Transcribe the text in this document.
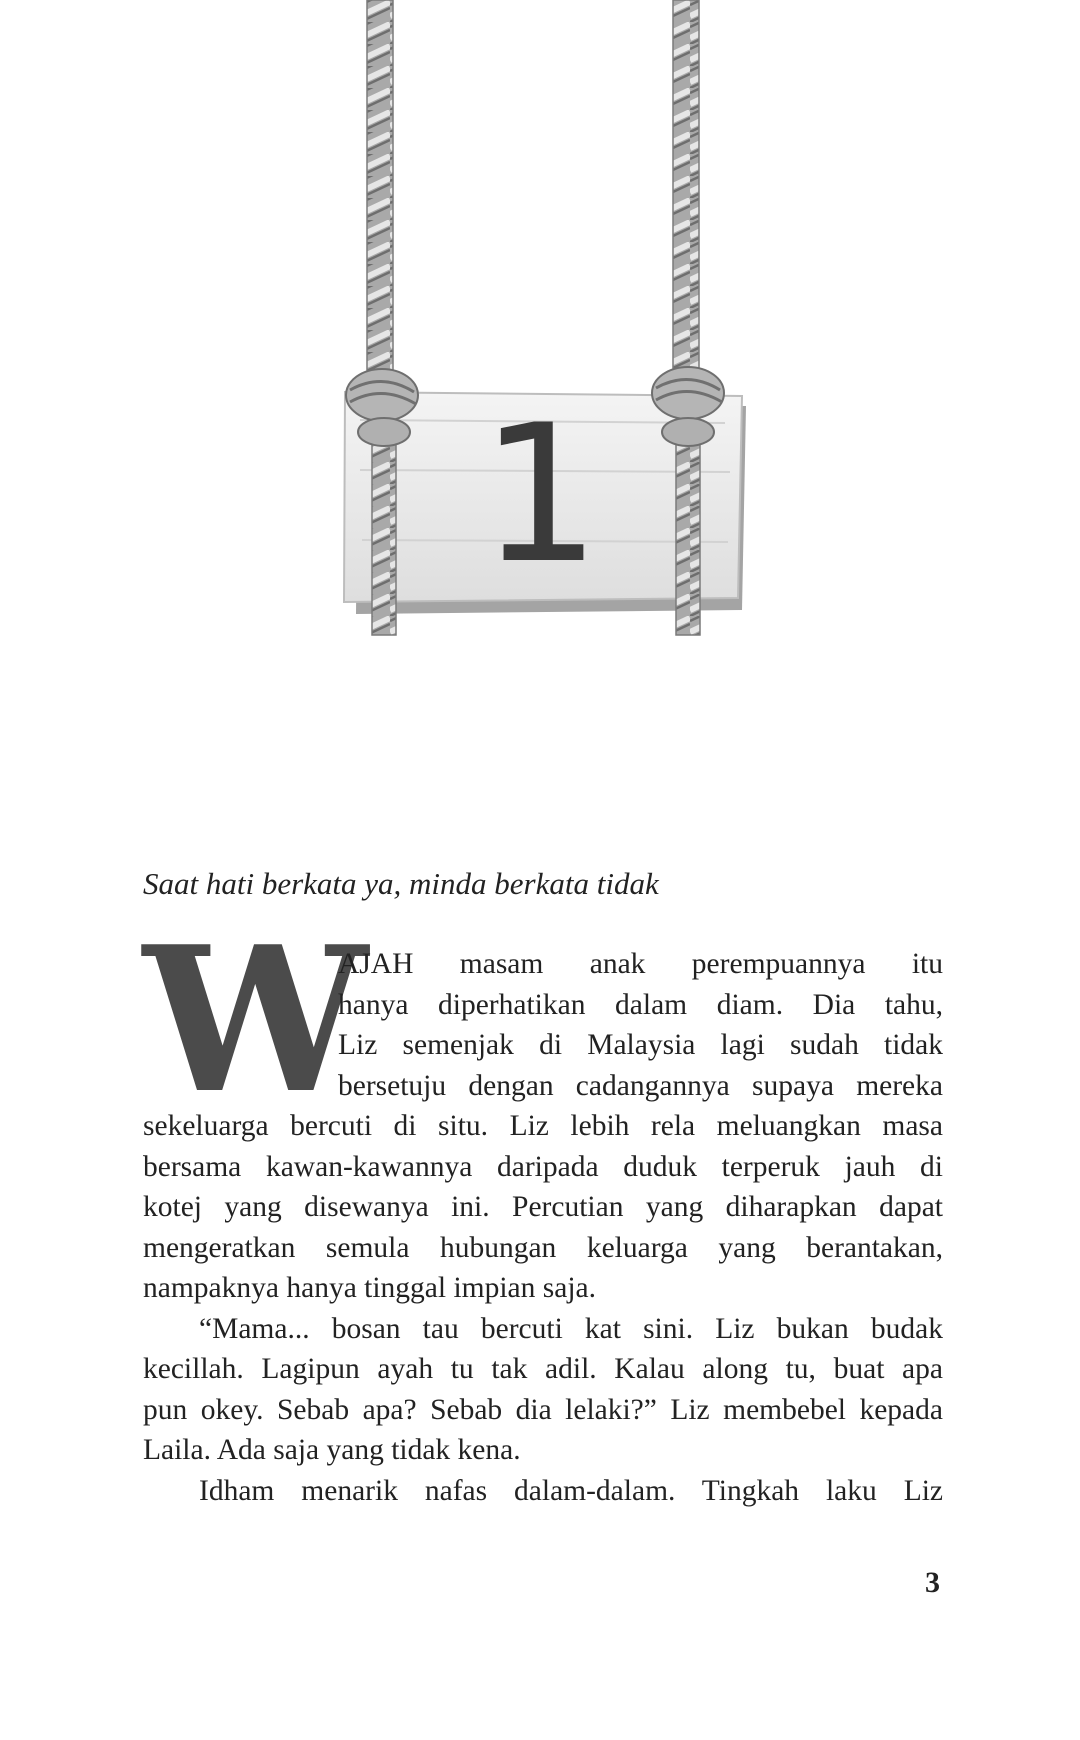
1
Saat hati berkata ya, minda berkata tidak
W
AJAH masam anak perempuannya itu
hanya diperhatikan dalam diam. Dia tahu,
Liz semenjak di Malaysia lagi sudah tidak
bersetuju dengan cadangannya supaya mereka
sekeluarga bercuti di situ. Liz lebih rela meluangkan masa
bersama kawan-kawannya daripada duduk terperuk jauh di
kotej yang disewanya ini. Percutian yang diharapkan dapat
mengeratkan semula hubungan keluarga yang berantakan,
nampaknya hanya tinggal impian saja.
“Mama... bosan tau bercuti kat sini. Liz bukan budak
kecillah. Lagipun ayah tu tak adil. Kalau along tu, buat apa
pun okey. Sebab apa? Sebab dia lelaki?” Liz membebel kepada
Laila. Ada saja yang tidak kena.
Idham menarik nafas dalam-dalam. Tingkah laku Liz
3
